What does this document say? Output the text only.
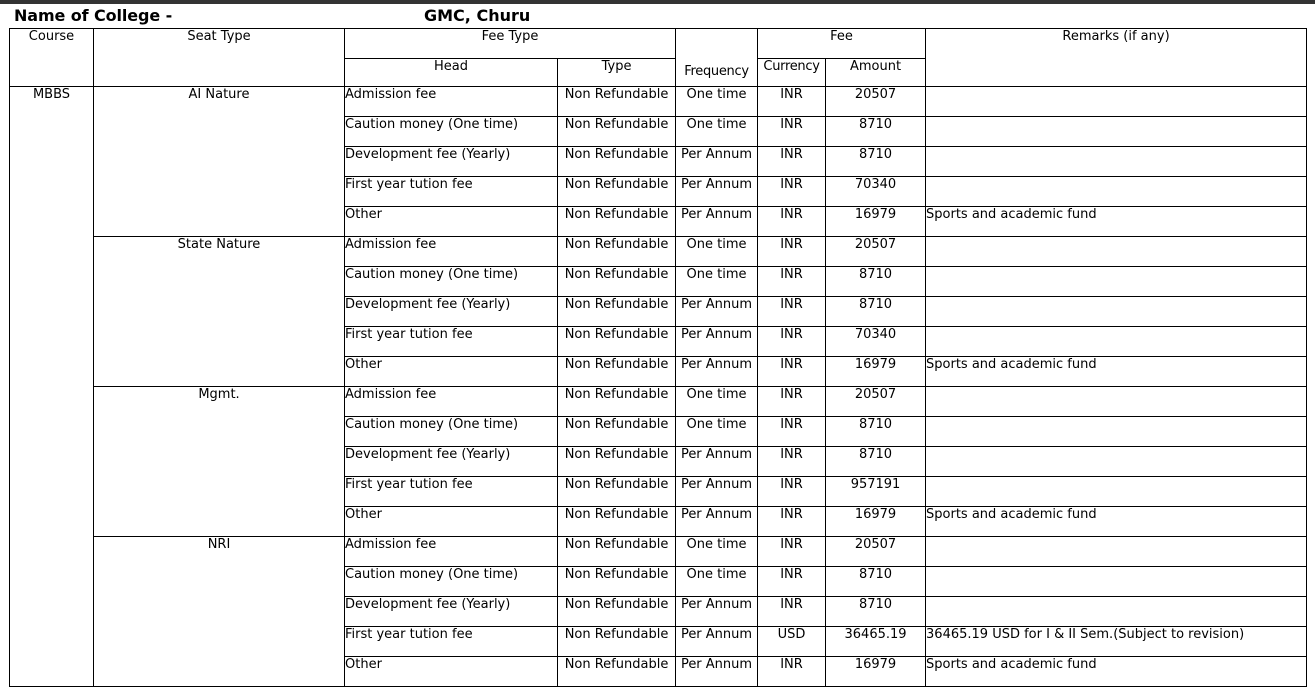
Name of College -	GMC, Churu
Course	Seat Type	Fee Type		Frequency	Fee		Remarks (if any)
		Head	Type		Currency	Amount	
MBBS	AI Nature	Admission fee	Non Refundable	One time	INR	20507	
		Caution money (One time)	Non Refundable	One time	INR	8710	
		Development fee (Yearly)	Non Refundable	Per Annum	INR	8710	
		First year tution fee	Non Refundable	Per Annum	INR	70340	
		Other	Non Refundable	Per Annum	INR	16979	Sports and academic fund
	State Nature	Admission fee	Non Refundable	One time	INR	20507	
		Caution money (One time)	Non Refundable	One time	INR	8710	
		Development fee (Yearly)	Non Refundable	Per Annum	INR	8710	
		First year tution fee	Non Refundable	Per Annum	INR	70340	
		Other	Non Refundable	Per Annum	INR	16979	Sports and academic fund
	Mgmt.	Admission fee	Non Refundable	One time	INR	20507	
		Caution money (One time)	Non Refundable	One time	INR	8710	
		Development fee (Yearly)	Non Refundable	Per Annum	INR	8710	
		First year tution fee	Non Refundable	Per Annum	INR	957191	
		Other	Non Refundable	Per Annum	INR	16979	Sports and academic fund
	NRI	Admission fee	Non Refundable	One time	INR	20507	
		Caution money (One time)	Non Refundable	One time	INR	8710	
		Development fee (Yearly)	Non Refundable	Per Annum	INR	8710	
		First year tution fee	Non Refundable	Per Annum	USD	36465.19	36465.19 USD for I & II Sem.(Subject to revision)
		Other	Non Refundable	Per Annum	INR	16979	Sports and academic fund
